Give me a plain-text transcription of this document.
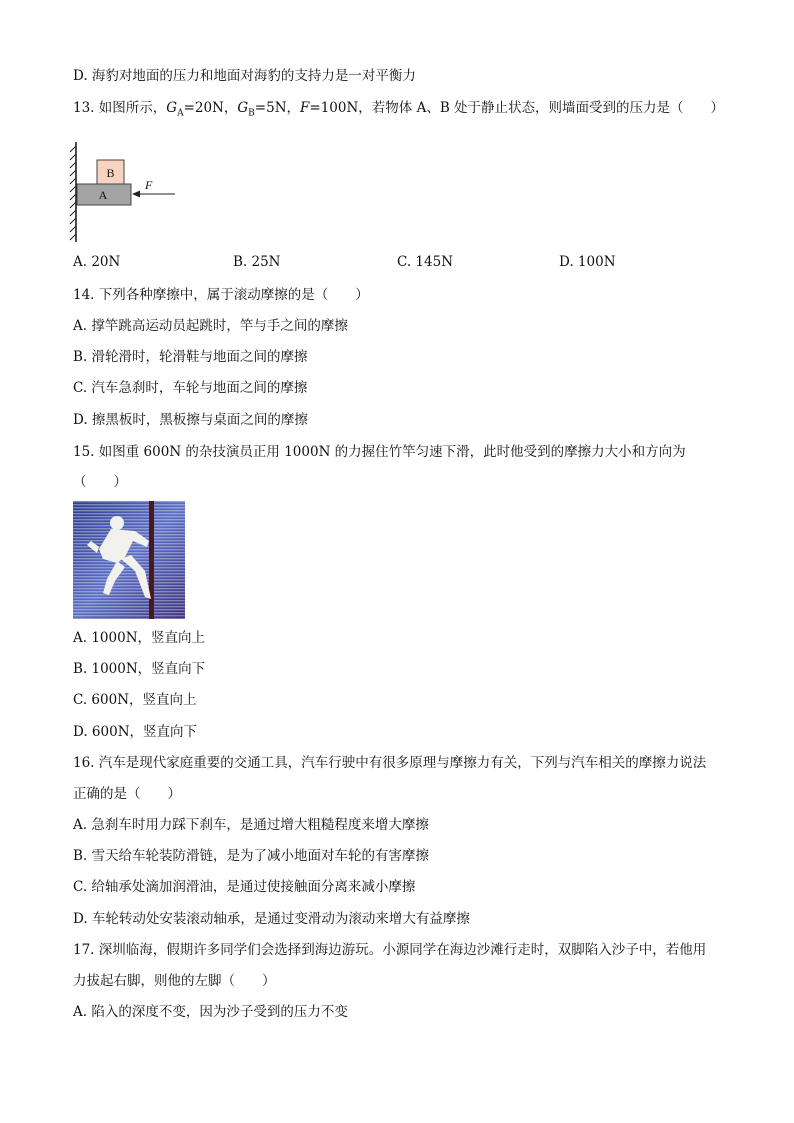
D. 海豹对地面的压力和地面对海豹的支持力是一对平衡力
13. 如图所示，$G_A=20N$，$G_B=5N$，F=100N，若物体 A、B 处于静止状态，则墙面受到的压力是（　　）
B
A
F
A. 20N	B. 25N	C. 145N	D. 100N
14. 下列各种摩擦中，属于滚动摩擦的是（　　）
A. 撑竿跳高运动员起跳时，竿与手之间的摩擦
B. 滑轮滑时，轮滑鞋与地面之间的摩擦
C. 汽车急刹时，车轮与地面之间的摩擦
D. 擦黑板时，黑板擦与桌面之间的摩擦
15. 如图重 600N 的杂技演员正用 1000N 的力握住竹竿匀速下滑，此时他受到的摩擦力大小和方向为
（　　）
A. 1000N，竖直向上
B. 1000N，竖直向下
C. 600N，竖直向上
D. 600N，竖直向下
16. 汽车是现代家庭重要的交通工具，汽车行驶中有很多原理与摩擦力有关，下列与汽车相关的摩擦力说法
正确的是（　　）
A. 急刹车时用力踩下刹车，是通过增大粗糙程度来增大摩擦
B. 雪天给车轮装防滑链，是为了减小地面对车轮的有害摩擦
C. 给轴承处滴加润滑油，是通过使接触面分离来减小摩擦
D. 车轮转动处安装滚动轴承，是通过变滑动为滚动来增大有益摩擦
17. 深圳临海，假期许多同学们会选择到海边游玩。小源同学在海边沙滩行走时，双脚陷入沙子中，若他用
力拔起右脚，则他的左脚（　　）
A. 陷入的深度不变，因为沙子受到的压力不变
